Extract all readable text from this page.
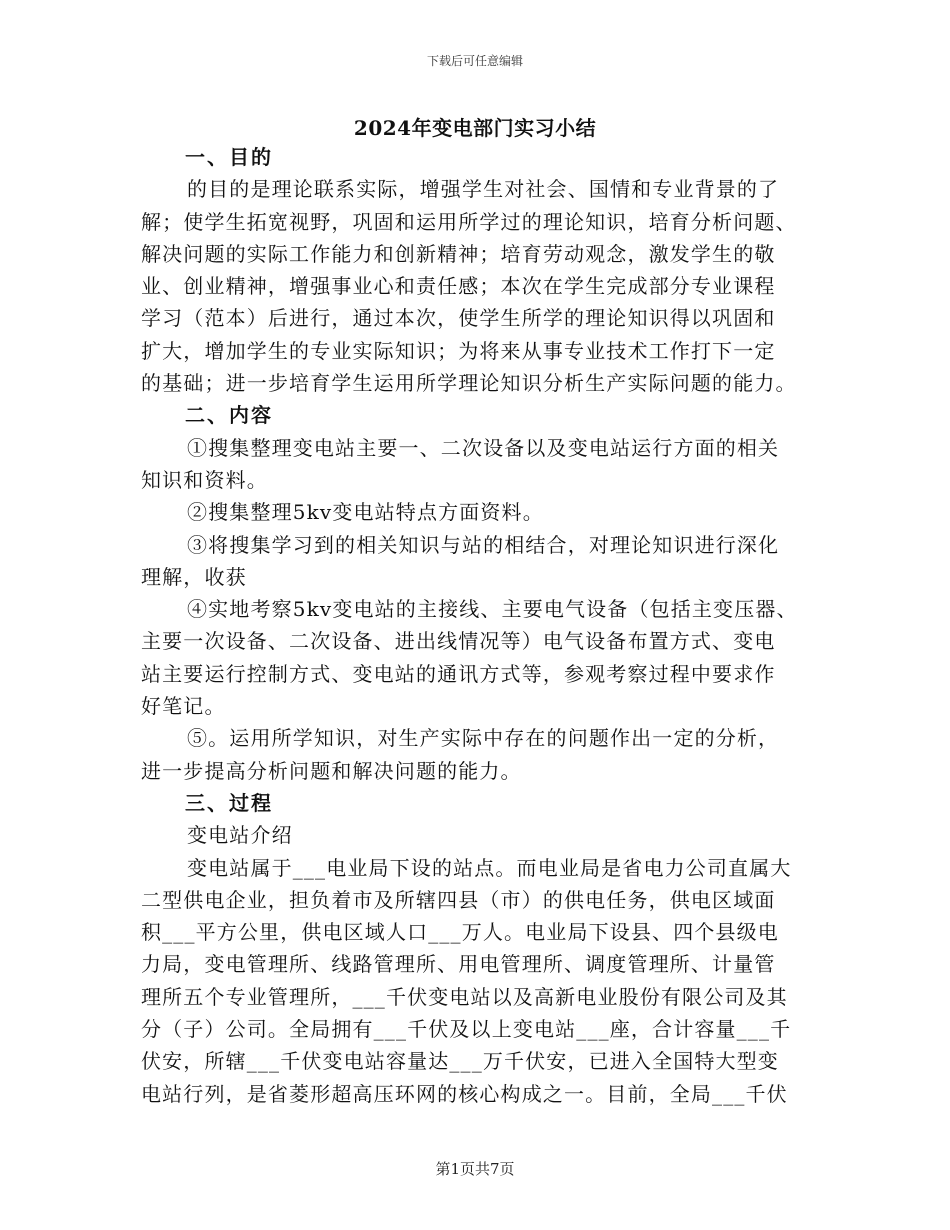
下载后可任意编辑
2024年变电部门实习小结
一、目的
的目的是理论联系实际，增强学生对社会、国情和专业背景的了
解；使学生拓宽视野，巩固和运用所学过的理论知识，培育分析问题、
解决问题的实际工作能力和创新精神；培育劳动观念，激发学生的敬
业、创业精神，增强事业心和责任感；本次在学生完成部分专业课程
学习（范本）后进行，通过本次，使学生所学的理论知识得以巩固和
扩大，增加学生的专业实际知识；为将来从事专业技术工作打下一定
的基础；进一步培育学生运用所学理论知识分析生产实际问题的能力。
二、内容
①搜集整理变电站主要一、二次设备以及变电站运行方面的相关
知识和资料。
②搜集整理5kv变电站特点方面资料。
③将搜集学习到的相关知识与站的相结合，对理论知识进行深化
理解，收获
④实地考察5kv变电站的主接线、主要电气设备（包括主变压器、
主要一次设备、二次设备、进出线情况等）电气设备布置方式、变电
站主要运行控制方式、变电站的通讯方式等，参观考察过程中要求作
好笔记。
⑤。运用所学知识，对生产实际中存在的问题作出一定的分析，
进一步提高分析问题和解决问题的能力。
三、过程
变电站介绍
变电站属于___电业局下设的站点。而电业局是省电力公司直属大
二型供电企业，担负着市及所辖四县（市）的供电任务，供电区域面
积___平方公里，供电区域人口___万人。电业局下设县、四个县级电
力局，变电管理所、线路管理所、用电管理所、调度管理所、计量管
理所五个专业管理所，___千伏变电站以及高新电业股份有限公司及其
分（子）公司。全局拥有___千伏及以上变电站___座，合计容量___千
伏安，所辖___千伏变电站容量达___万千伏安，已进入全国特大型变
电站行列，是省菱形超高压环网的核心构成之一。目前，全局___千伏
第1页共7页
